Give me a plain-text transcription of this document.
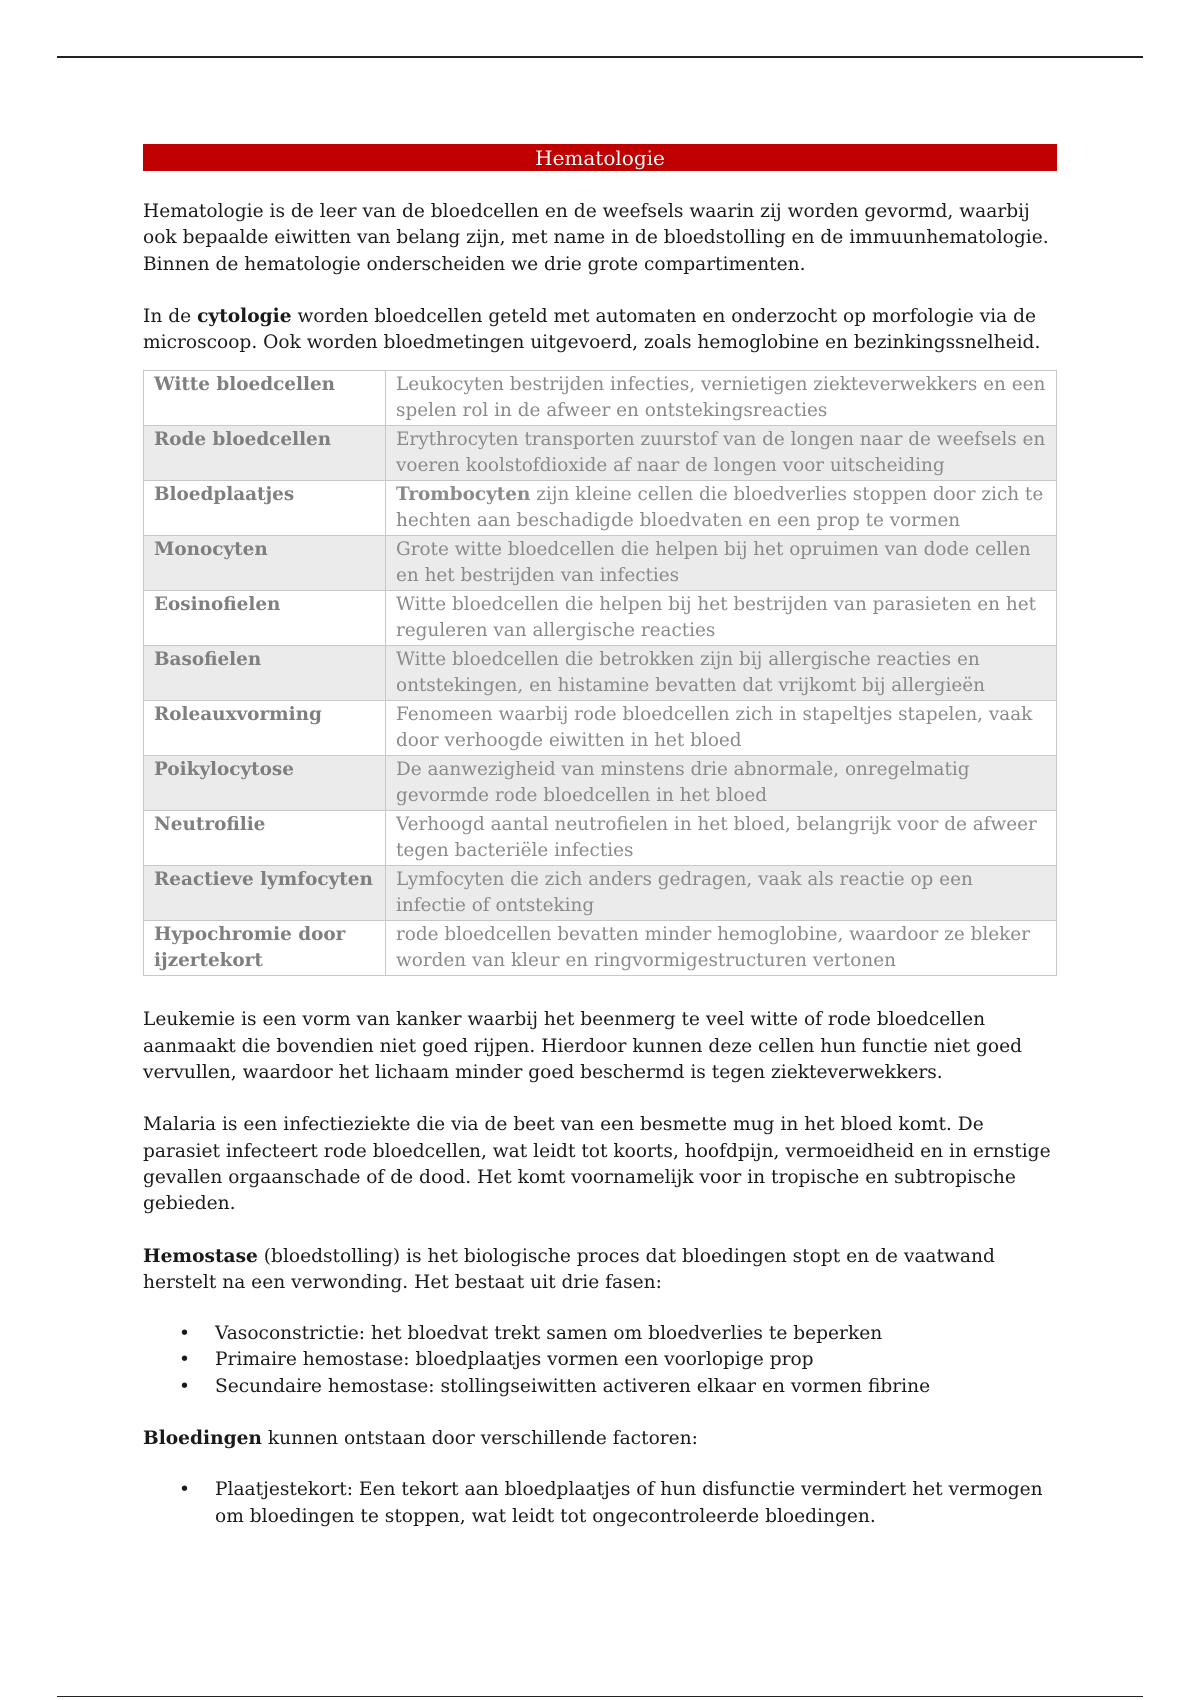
Hematologie

Hematologie is de leer van de bloedcellen en de weefsels waarin zij worden gevormd, waarbij ook bepaalde eiwitten van belang zijn, met name in de bloedstolling en de immuunhematologie. Binnen de hematologie onderscheiden we drie grote compartimenten.

In de cytologie worden bloedcellen geteld met automaten en onderzocht op morfologie via de microscoop. Ook worden bloedmetingen uitgevoerd, zoals hemoglobine en bezinkingssnelheid.

Witte bloedcellen	Leukocyten bestrijden infecties, vernietigen ziekteverwekkers en een spelen rol in de afweer en ontstekingsreacties
Rode bloedcellen	Erythrocyten transporten zuurstof van de longen naar de weefsels en voeren koolstofdioxide af naar de longen voor uitscheiding
Bloedplaatjes	Trombocyten zijn kleine cellen die bloedverlies stoppen door zich te hechten aan beschadigde bloedvaten en een prop te vormen
Monocyten	Grote witte bloedcellen die helpen bij het opruimen van dode cellen en het bestrijden van infecties
Eosinofielen	Witte bloedcellen die helpen bij het bestrijden van parasieten en het reguleren van allergische reacties
Basofielen	Witte bloedcellen die betrokken zijn bij allergische reacties en ontstekingen, en histamine bevatten dat vrijkomt bij allergieën
Roleauxvorming	Fenomeen waarbij rode bloedcellen zich in stapeltjes stapelen, vaak door verhoogde eiwitten in het bloed
Poikylocytose	De aanwezigheid van minstens drie abnormale, onregelmatig gevormde rode bloedcellen in het bloed
Neutrofilie	Verhoogd aantal neutrofielen in het bloed, belangrijk voor de afweer tegen bacteriële infecties
Reactieve lymfocyten	Lymfocyten die zich anders gedragen, vaak als reactie op een infectie of ontsteking
Hypochromie door ijzertekort	rode bloedcellen bevatten minder hemoglobine, waardoor ze bleker worden van kleur en ringvormigestructuren vertonen

Leukemie is een vorm van kanker waarbij het beenmerg te veel witte of rode bloedcellen aanmaakt die bovendien niet goed rijpen. Hierdoor kunnen deze cellen hun functie niet goed vervullen, waardoor het lichaam minder goed beschermd is tegen ziekteverwekkers.

Malaria is een infectieziekte die via de beet van een besmette mug in het bloed komt. De parasiet infecteert rode bloedcellen, wat leidt tot koorts, hoofdpijn, vermoeidheid en in ernstige gevallen orgaanschade of de dood. Het komt voornamelijk voor in tropische en subtropische gebieden.

Hemostase (bloedstolling) is het biologische proces dat bloedingen stopt en de vaatwand herstelt na een verwonding. Het bestaat uit drie fasen:

• Vasoconstrictie: het bloedvat trekt samen om bloedverlies te beperken
• Primaire hemostase: bloedplaatjes vormen een voorlopige prop
• Secundaire hemostase: stollingseiwitten activeren elkaar en vormen fibrine

Bloedingen kunnen ontstaan door verschillende factoren:

• Plaatjestekort: Een tekort aan bloedplaatjes of hun disfunctie vermindert het vermogen om bloedingen te stoppen, wat leidt tot ongecontroleerde bloedingen.
